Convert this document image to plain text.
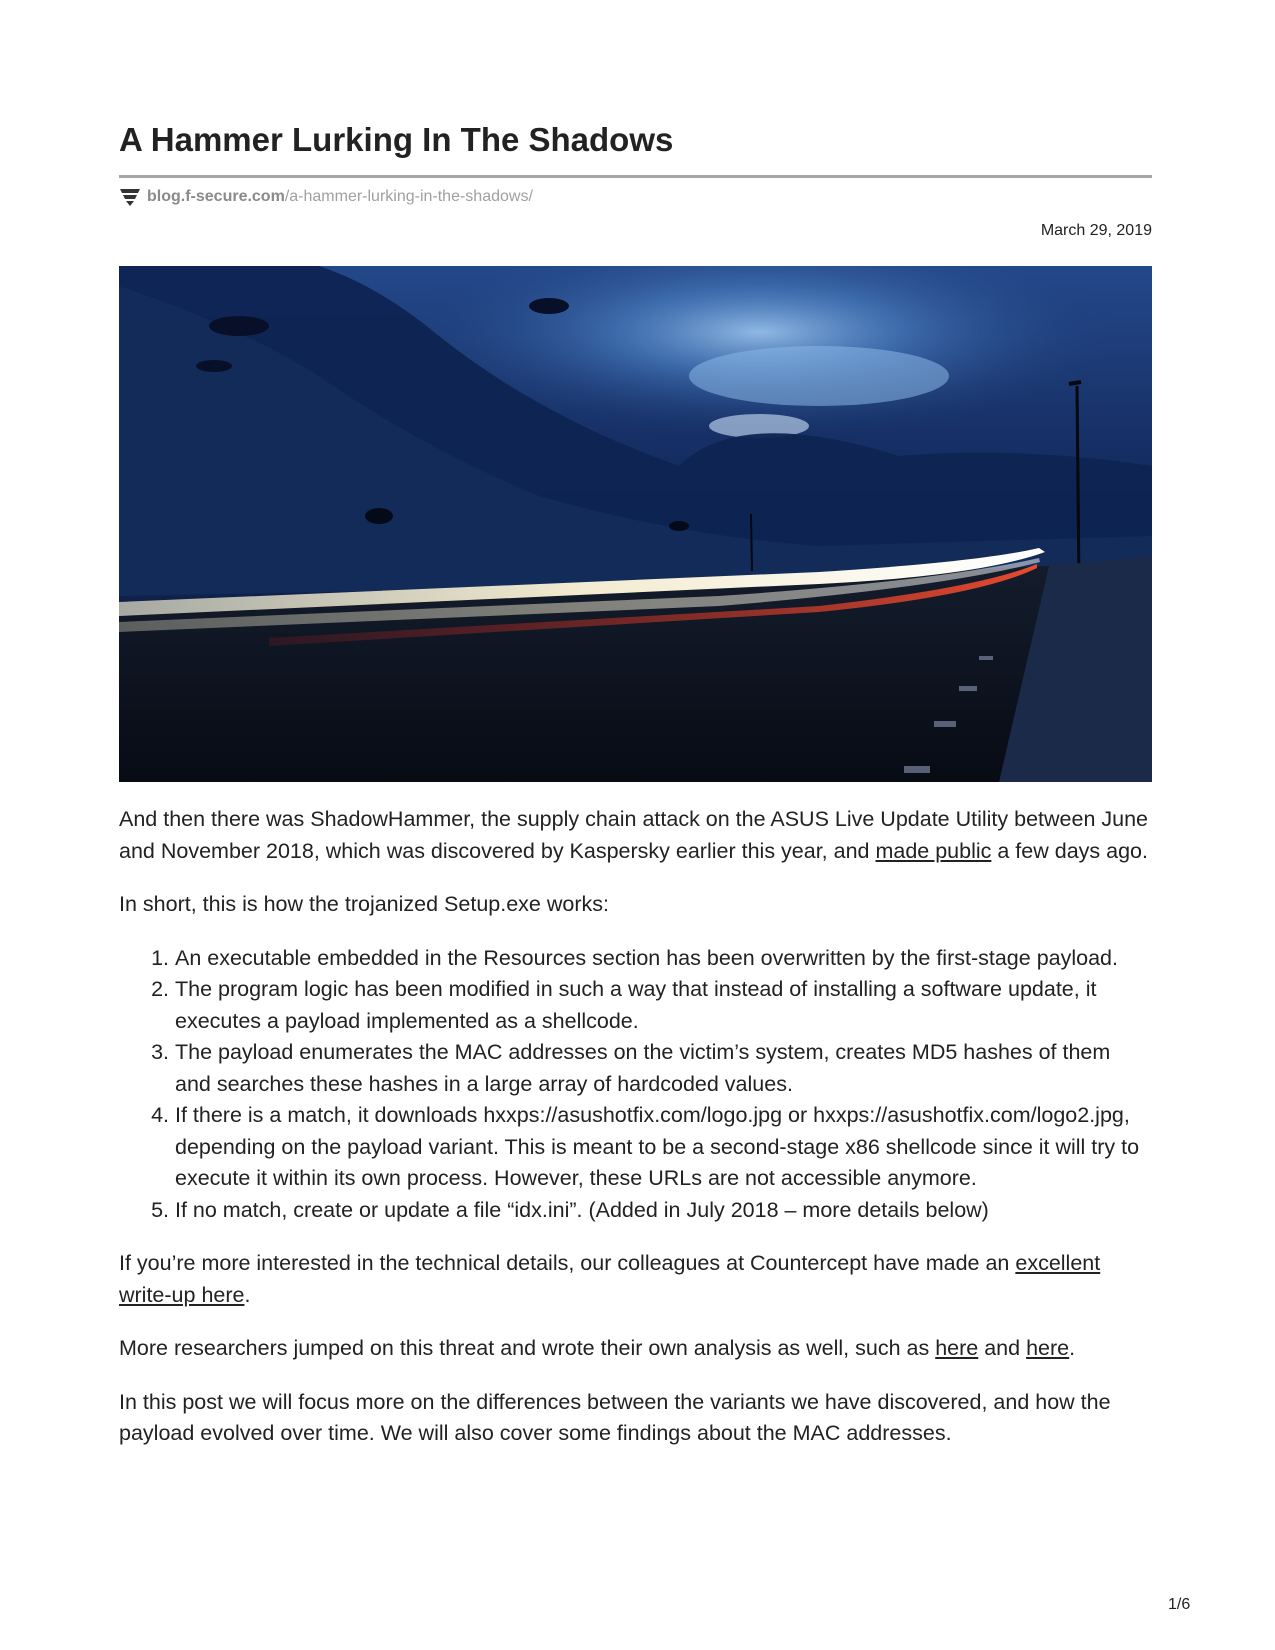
A Hammer Lurking In The Shadows
blog.f-secure.com /a-hammer-lurking-in-the-shadows/
March 29, 2019

And then there was ShadowHammer, the supply chain attack on the ASUS Live Update Utility between June and November 2018, which was discovered by Kaspersky earlier this year, and made public a few days ago.

In short, this is how the trojanized Setup.exe works:

1. An executable embedded in the Resources section has been overwritten by the first-stage payload.
2. The program logic has been modified in such a way that instead of installing a software update, it executes a payload implemented as a shellcode.
3. The payload enumerates the MAC addresses on the victim’s system, creates MD5 hashes of them and searches these hashes in a large array of hardcoded values.
4. If there is a match, it downloads hxxps://asushotfix.com/logo.jpg or hxxps://asushotfix.com/logo2.jpg, depending on the payload variant. This is meant to be a second-stage x86 shellcode since it will try to execute it within its own process. However, these URLs are not accessible anymore.
5. If no match, create or update a file “idx.ini”. (Added in July 2018 – more details below)

If you’re more interested in the technical details, our colleagues at Countercept have made an excellent write-up here.

More researchers jumped on this threat and wrote their own analysis as well, such as here and here.

In this post we will focus more on the differences between the variants we have discovered, and how the payload evolved over time. We will also cover some findings about the MAC addresses.

1/6
